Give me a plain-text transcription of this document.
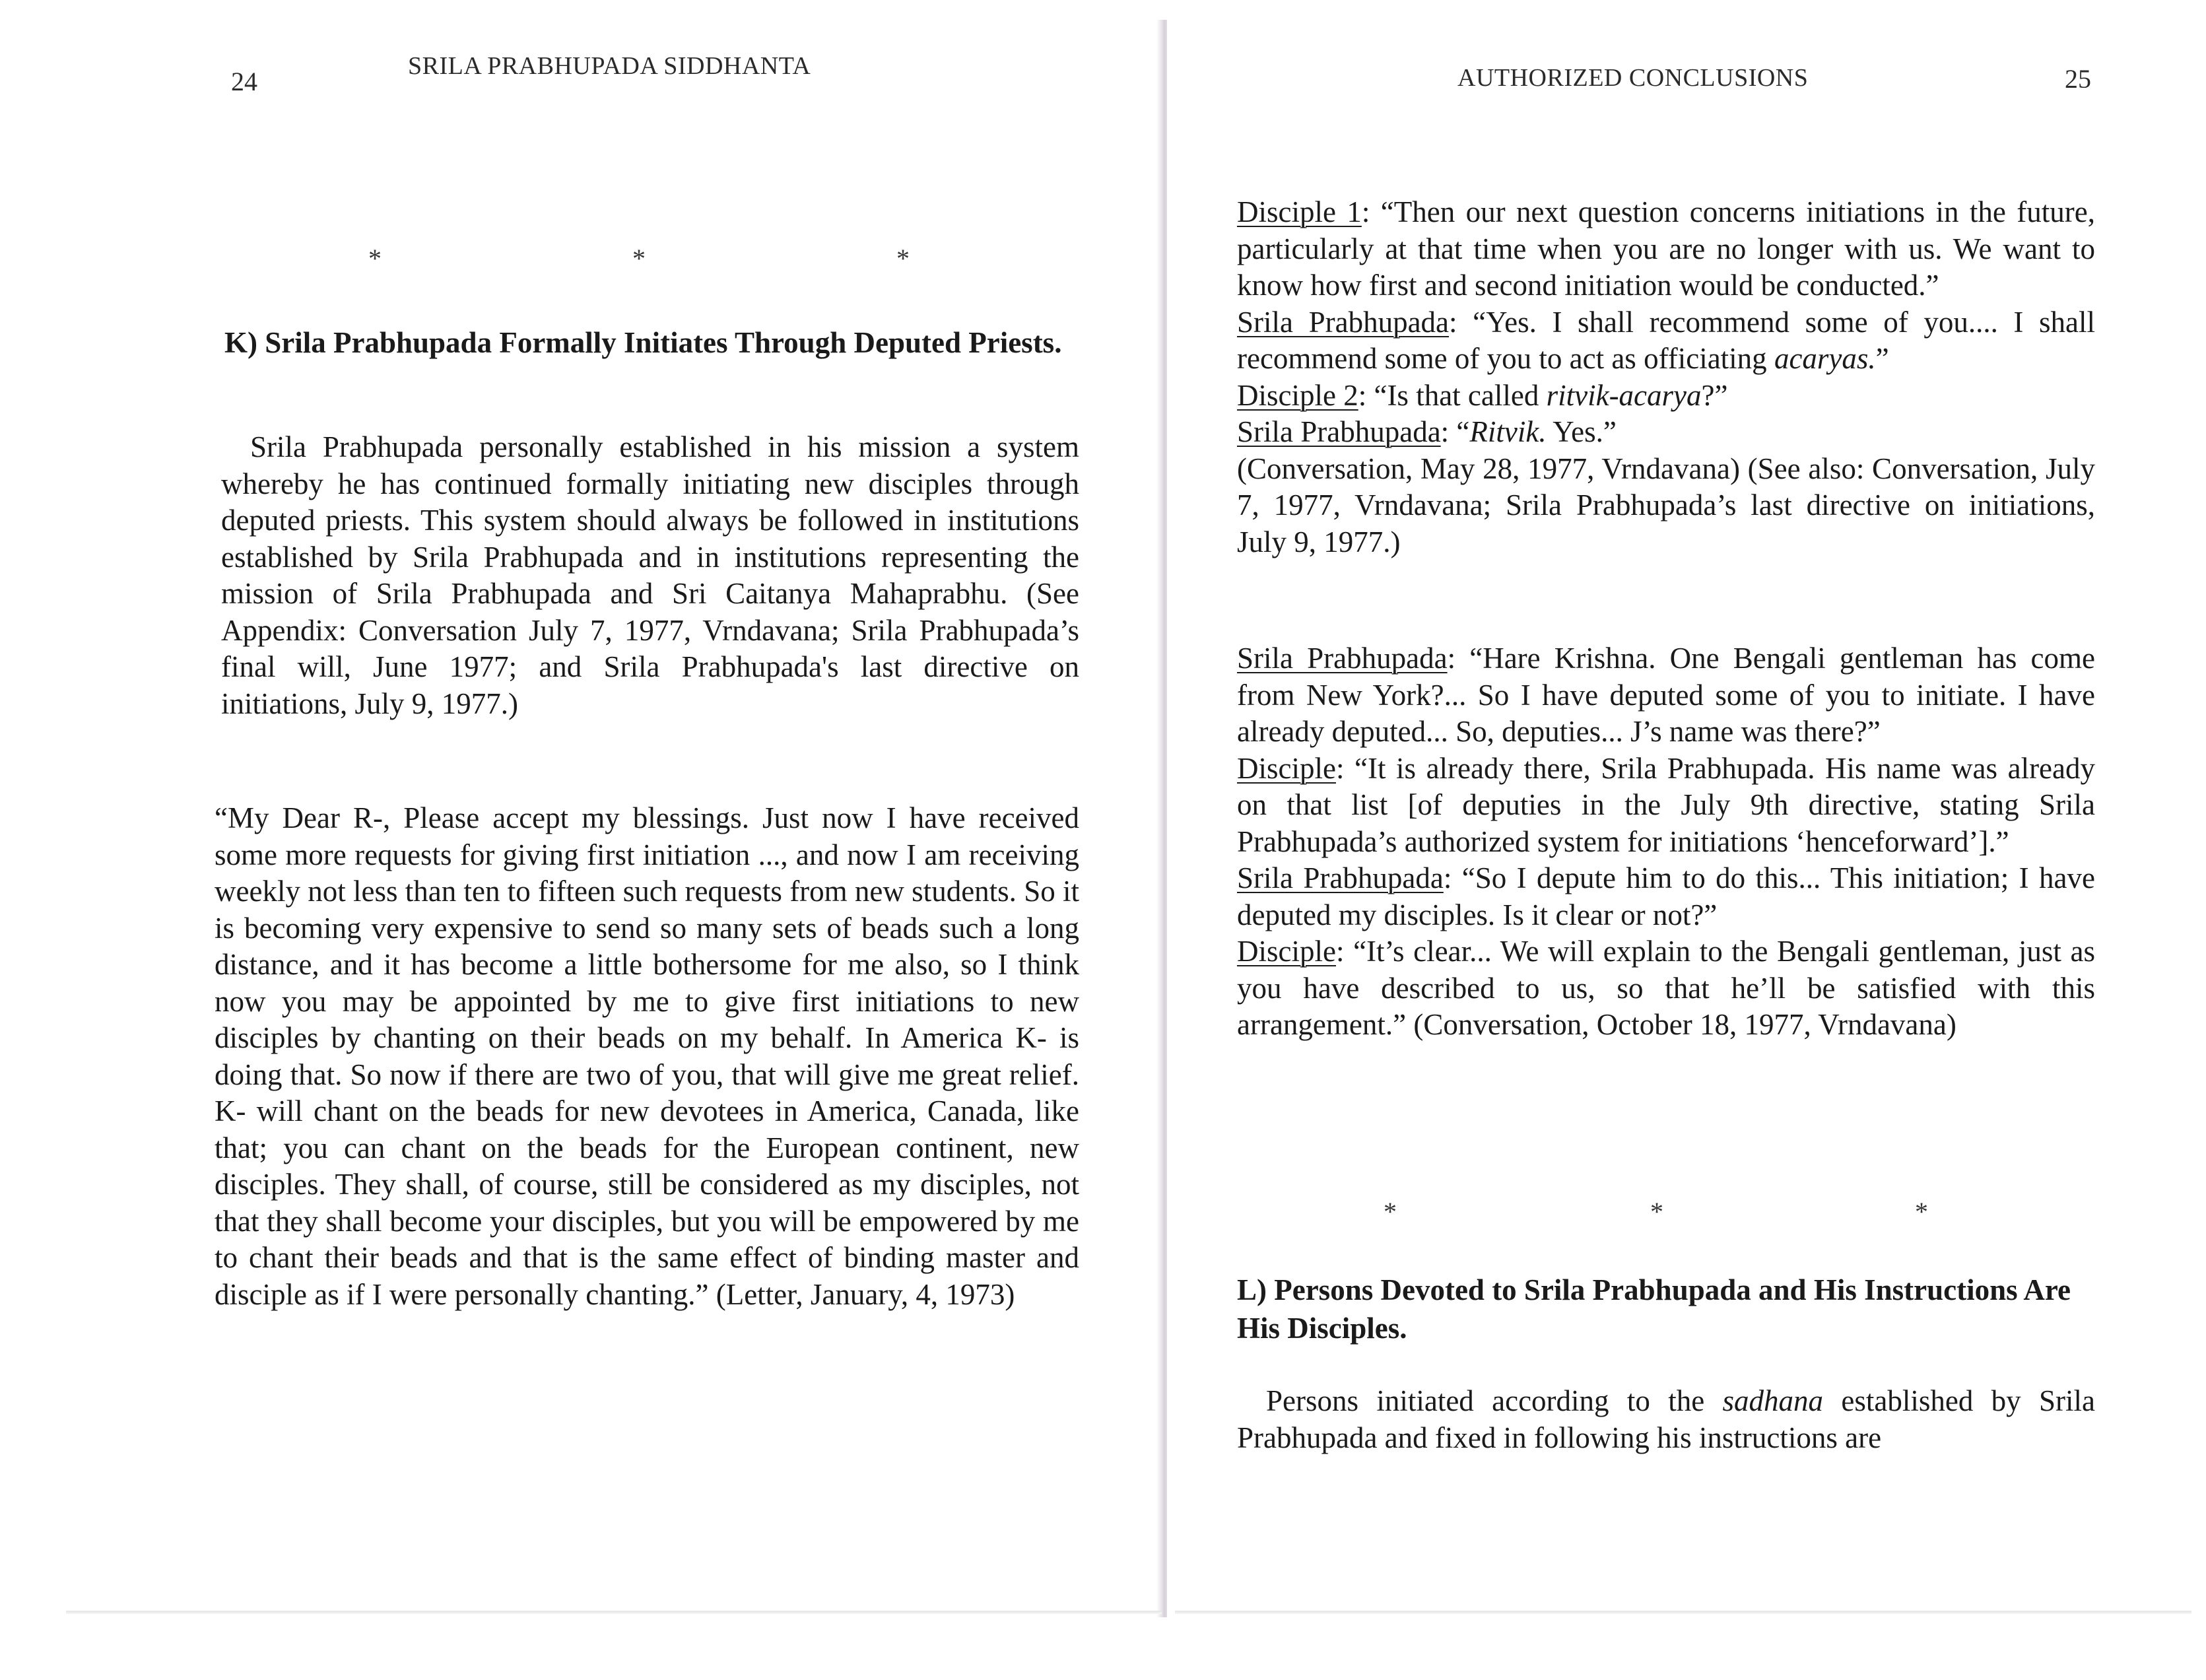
24
SRILA PRABHUPADA SIDDHANTA
*	*	*
K) Srila Prabhupada Formally Initiates Through Deputed Priests.
Srila Prabhupada personally established in his mission a system whereby he has continued formally initiating new disciples through deputed priests. This system should always be followed in institutions established by Srila Prabhupada and in institutions representing the mission of Srila Prabhupada and Sri Caitanya Mahaprabhu. (See Appendix: Conversation July 7, 1977, Vrndavana; Srila Prabhupada’s final will, June 1977; and Srila Prabhupada's last directive on initiations, July 9, 1977.)
“My Dear R-, Please accept my blessings. Just now I have received some more requests for giving first initiation ..., and now I am receiving weekly not less than ten to fifteen such requests from new students. So it is becoming very expensive to send so many sets of beads such a long distance, and it has become a little bothersome for me also, so I think now you may be appointed by me to give first initiations to new disciples by chanting on their beads on my behalf. In America K- is doing that. So now if there are two of you, that will give me great relief. K- will chant on the beads for new devotees in America, Canada, like that; you can chant on the beads for the European continent, new disciples. They shall, of course, still be considered as my disciples, not that they shall become your disciples, but you will be empowered by me to chant their beads and that is the same effect of binding master and disciple as if I were personally chanting.” (Letter, January, 4, 1973)
AUTHORIZED CONCLUSIONS	25
Disciple 1: “Then our next question concerns initiations in the future, particularly at that time when you are no longer with us. We want to know how first and second initiation would be conducted.”
Srila Prabhupada: “Yes. I shall recommend some of you.... I shall recommend some of you to act as officiating acaryas.”
Disciple 2: “Is that called ritvik-acarya?”
Srila Prabhupada: “Ritvik. Yes.”
(Conversation, May 28, 1977, Vrndavana) (See also: Conversation, July 7, 1977, Vrndavana; Srila Prabhupada’s last directive on initiations, July 9, 1977.)
Srila Prabhupada: “Hare Krishna. One Bengali gentleman has come from New York?... So I have deputed some of you to initiate. I have already deputed... So, deputies... J’s name was there?”
Disciple: “It is already there, Srila Prabhupada. His name was already on that list [of deputies in the July 9th directive, stating Srila Prabhupada’s authorized system for initiations ‘henceforward’].”
Srila Prabhupada: “So I depute him to do this... This initiation; I have deputed my disciples. Is it clear or not?”
Disciple: “It’s clear... We will explain to the Bengali gentleman, just as you have described to us, so that he’ll be satisfied with this arrangement.” (Conversation, October 18, 1977, Vrndavana)
*	*	*
L) Persons Devoted to Srila Prabhupada and His Instructions Are His Disciples.
Persons initiated according to the sadhana established by Srila Prabhupada and fixed in following his instructions are
